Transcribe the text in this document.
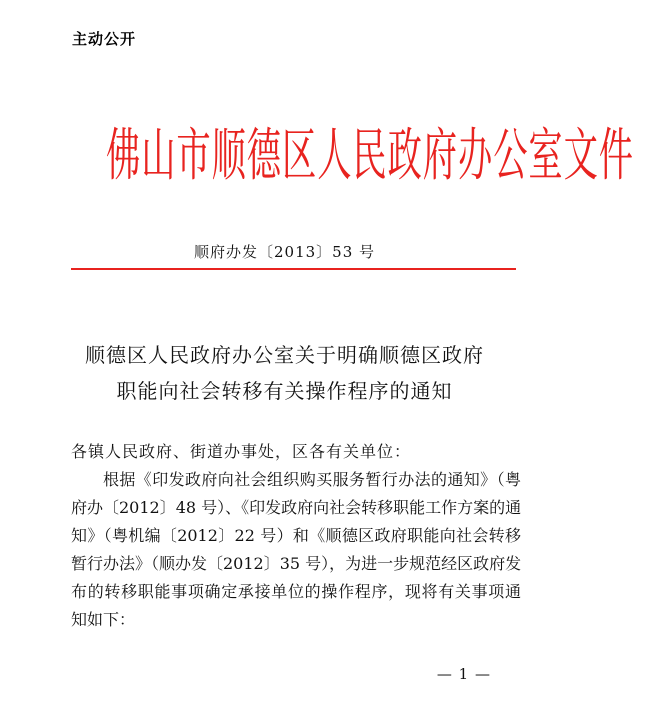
主动公开
佛山市顺德区人民政府办公室文件
顺府办发〔2013〕53 号
顺德区人民政府办公室关于明确顺德区政府
职能向社会转移有关操作程序的通知
各镇人民政府、街道办事处，区各有关单位：
根据《印发政府向社会组织购买服务暂行办法的通知》（粤
府办〔2012〕48 号）、《印发政府向社会转移职能工作方案的通
知》（粤机编〔2012〕22 号）和《顺德区政府职能向社会转移
暂行办法》（顺办发〔2012〕35 号），为进一步规范经区政府发
布的转移职能事项确定承接单位的操作程序，现将有关事项通
知如下：
— 1 —
